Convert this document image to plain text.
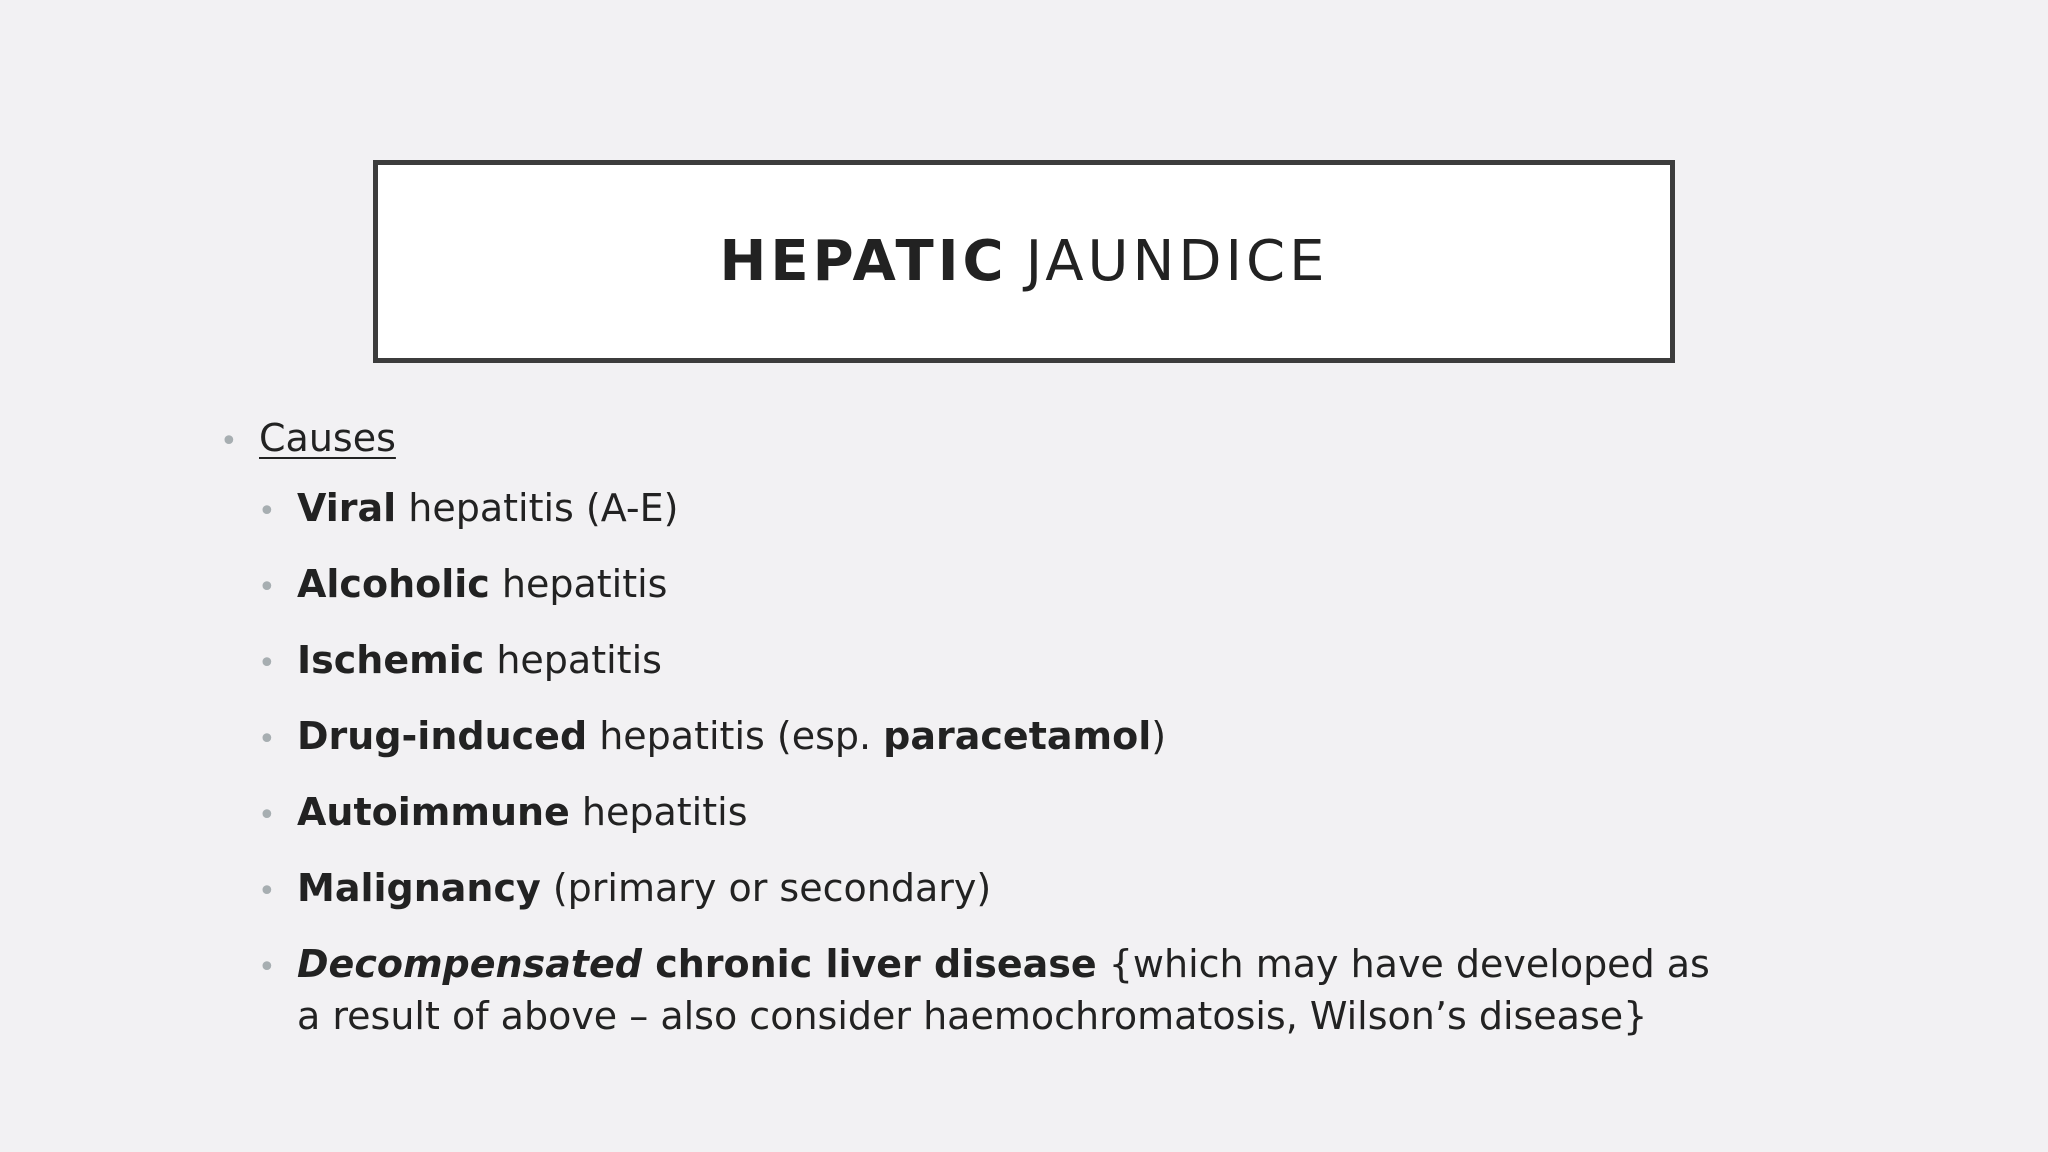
HEPATIC JAUNDICE
• Causes
• Viral hepatitis (A-E)
• Alcoholic hepatitis
• Ischemic hepatitis
• Drug-induced hepatitis (esp. paracetamol)
• Autoimmune hepatitis
• Malignancy (primary or secondary)
• Decompensated chronic liver disease {which may have developed as a result of above – also consider haemochromatosis, Wilson’s disease}
